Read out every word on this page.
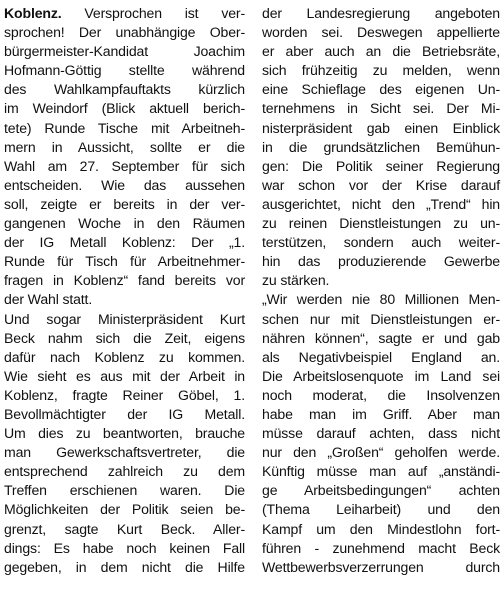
Koblenz. Versprochen ist ver-
sprochen! Der unabhängige Ober-
bürgermeister-Kandidat Joachim
Hofmann-Göttig stellte während
des Wahlkampfauftakts kürzlich
im Weindorf (Blick aktuell berich-
tete) Runde Tische mit Arbeitneh-
mern in Aussicht, sollte er die
Wahl am 27. September für sich
entscheiden. Wie das aussehen
soll, zeigte er bereits in der ver-
gangenen Woche in den Räumen
der IG Metall Koblenz: Der „1.
Runde für Tisch für Arbeitnehmer-
fragen in Koblenz“ fand bereits vor
der Wahl statt.
Und sogar Ministerpräsident Kurt
Beck nahm sich die Zeit, eigens
dafür nach Koblenz zu kommen.
Wie sieht es aus mit der Arbeit in
Koblenz, fragte Reiner Göbel, 1.
Bevollmächtigter der IG Metall.
Um dies zu beantworten, brauche
man Gewerkschaftsvertreter, die
entsprechend zahlreich zu dem
Treffen erschienen waren. Die
Möglichkeiten der Politik seien be-
grenzt, sagte Kurt Beck. Aller-
dings: Es habe noch keinen Fall
gegeben, in dem nicht die Hilfe
der Landesregierung angeboten
worden sei. Deswegen appellierte
er aber auch an die Betriebsräte,
sich frühzeitig zu melden, wenn
eine Schieflage des eigenen Un-
ternehmens in Sicht sei. Der Mi-
nisterpräsident gab einen Einblick
in die grundsätzlichen Bemühun-
gen: Die Politik seiner Regierung
war schon vor der Krise darauf
ausgerichtet, nicht den „Trend“ hin
zu reinen Dienstleistungen zu un-
terstützen, sondern auch weiter-
hin das produzierende Gewerbe
zu stärken.
„Wir werden nie 80 Millionen Men-
schen nur mit Dienstleistungen er-
nähren können“, sagte er und gab
als Negativbeispiel England an.
Die Arbeitslosenquote im Land sei
noch moderat, die Insolvenzen
habe man im Griff. Aber man
müsse darauf achten, dass nicht
nur den „Großen“ geholfen werde.
Künftig müsse man auf „anständi-
ge Arbeitsbedingungen“ achten
(Thema Leiharbeit) und den
Kampf um den Mindestlohn fort-
führen - zunehmend macht Beck
Wettbewerbsverzerrungen durch
